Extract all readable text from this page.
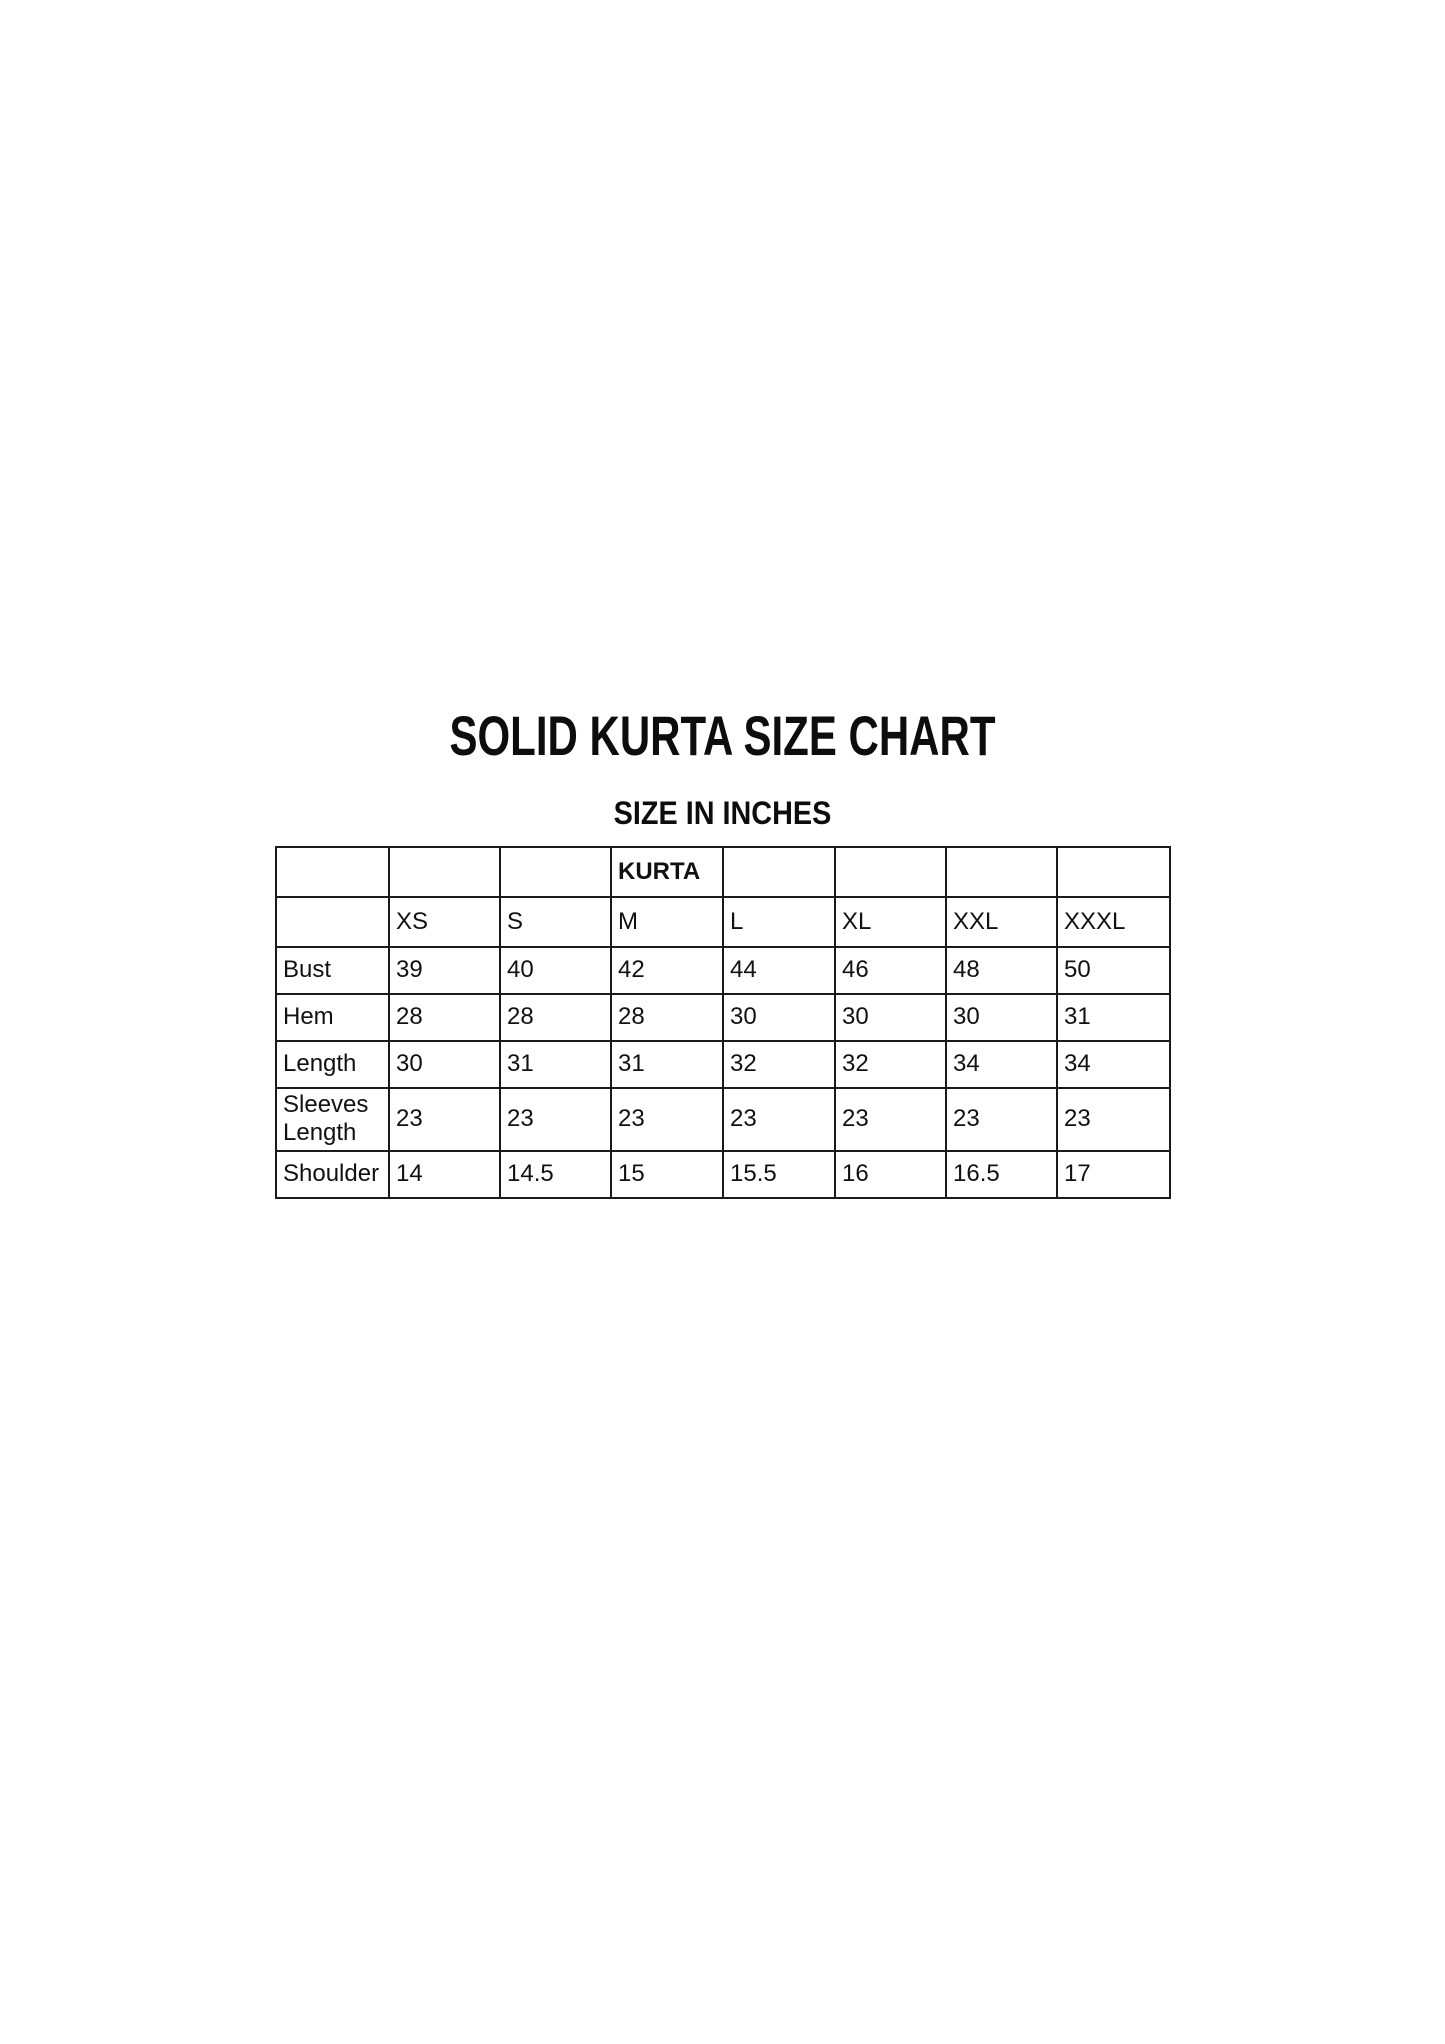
SOLID KURTA SIZE CHART
SIZE IN INCHES
			KURTA				
	XS	S	M	L	XL	XXL	XXXL
Bust	39	40	42	44	46	48	50
Hem	28	28	28	30	30	30	31
Length	30	31	31	32	32	34	34
Sleeves Length	23	23	23	23	23	23	23
Shoulder	14	14.5	15	15.5	16	16.5	17
